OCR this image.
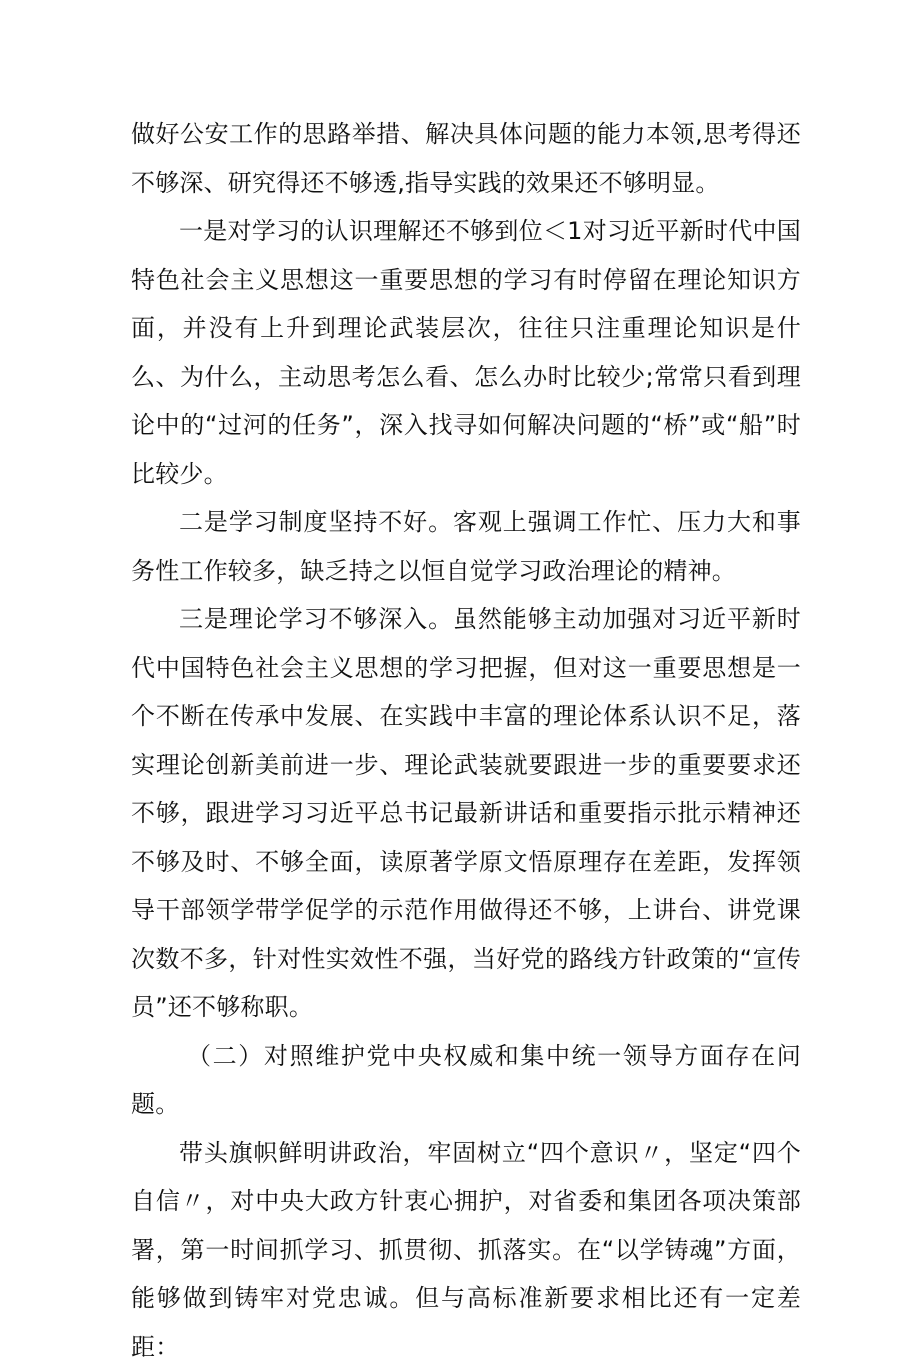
做好公安工作的思路举措、解决具体问题的能力本领,思考得还不够深、研究得还不够透,指导实践的效果还不够明显。

一是对学习的认识理解还不够到位＜1对习近平新时代中国特色社会主义思想这一重要思想的学习有时停留在理论知识方面，并没有上升到理论武装层次，往往只注重理论知识是什么、为什么，主动思考怎么看、怎么办时比较少;常常只看到理论中的“过河的任务”，深入找寻如何解决问题的“桥”或“船”时比较少。

二是学习制度坚持不好。客观上强调工作忙、压力大和事务性工作较多，缺乏持之以恒自觉学习政治理论的精神。

三是理论学习不够深入。虽然能够主动加强对习近平新时代中国特色社会主义思想的学习把握，但对这一重要思想是一个不断在传承中发展、在实践中丰富的理论体系认识不足，落实理论创新美前进一步、理论武装就要跟进一步的重要要求还不够，跟进学习习近平总书记最新讲话和重要指示批示精神还不够及时、不够全面，读原著学原文悟原理存在差距，发挥领导干部领学带学促学的示范作用做得还不够，上讲台、讲党课次数不多，针对性实效性不强，当好党的路线方针政策的“宣传员”还不够称职。

（二）对照维护党中央权威和集中统一领导方面存在问题。

带头旗帜鲜明讲政治，牢固树立“四个意识〃，坚定“四个自信〃，对中央大政方针衷心拥护，对省委和集团各项决策部署，第一时间抓学习、抓贯彻、抓落实。在“以学铸魂”方面，能够做到铸牢对党忠诚。但与高标准新要求相比还有一定差距：
